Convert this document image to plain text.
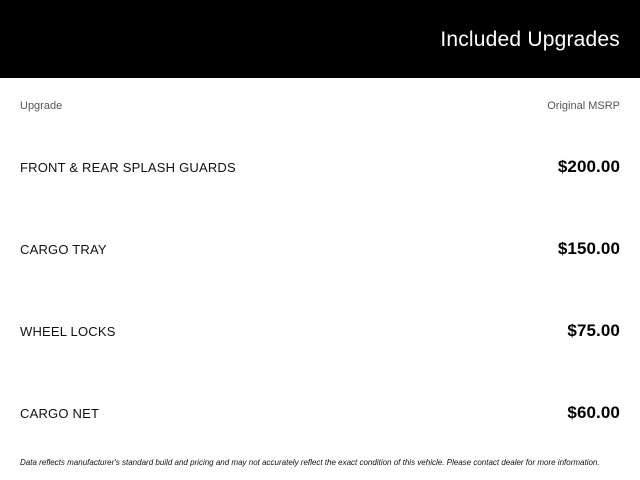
Included Upgrades
Upgrade	Original MSRP
FRONT & REAR SPLASH GUARDS	$200.00
CARGO TRAY	$150.00
WHEEL LOCKS	$75.00
CARGO NET	$60.00
Data reflects manufacturer's standard build and pricing and may not accurately reflect the exact condition of this vehicle. Please contact dealer for more information.
